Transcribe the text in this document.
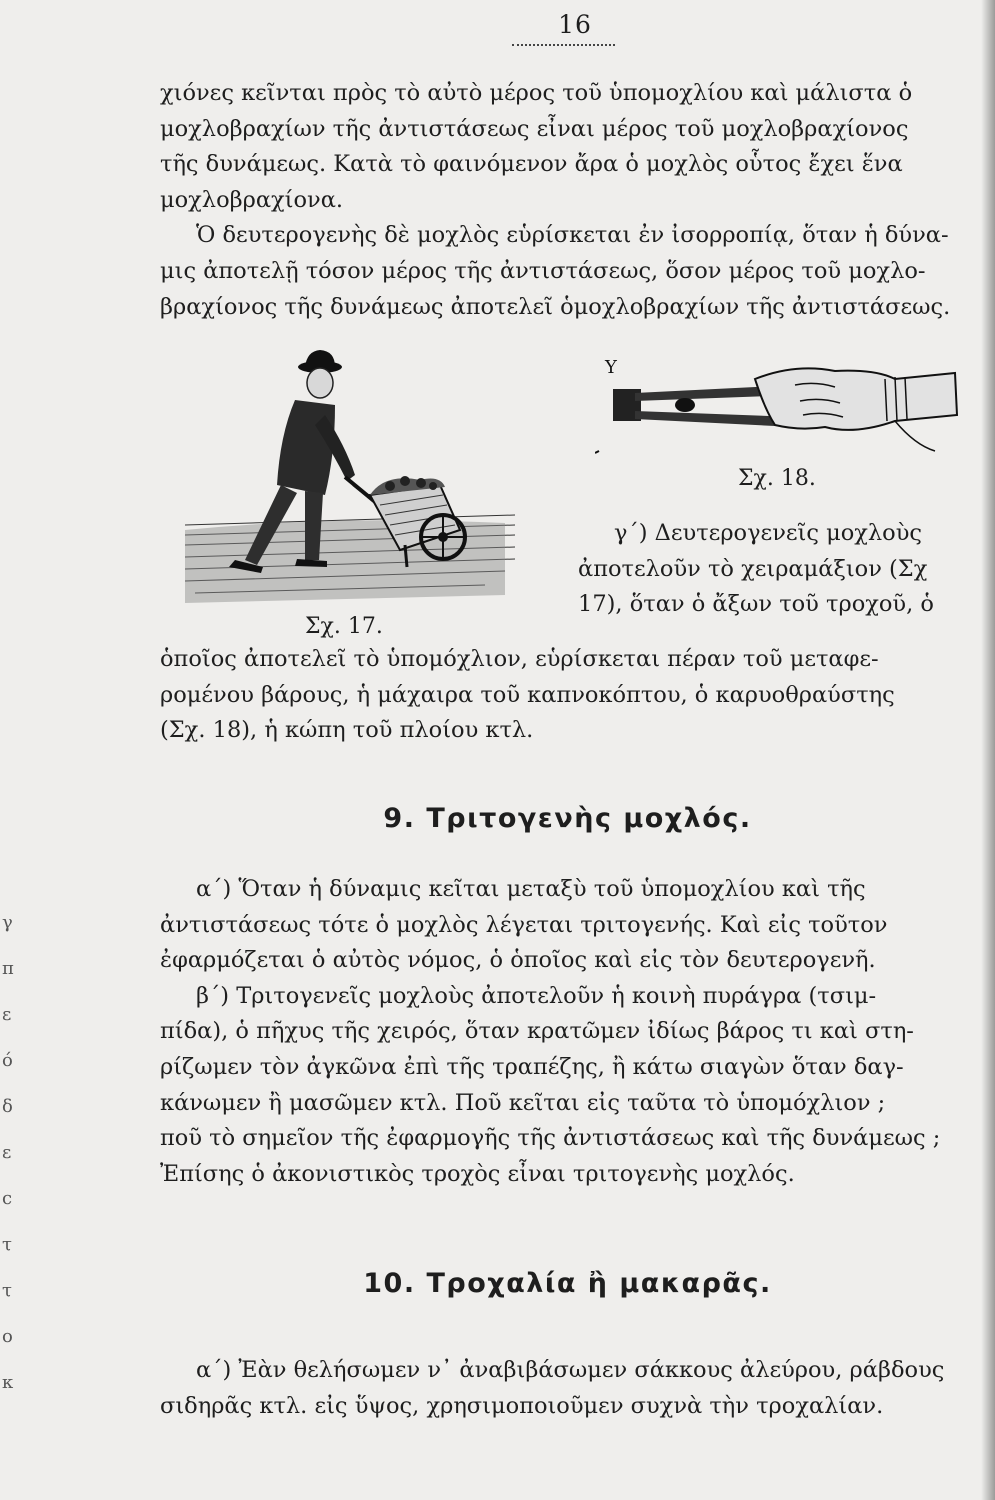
16

χιόνες κεῖνται πρὸς τὸ αὐτὸ μέρος τοῦ ὑπομοχλίου καὶ μάλιστα ὁ

μοχλοβραχίων τῆς ἀντιστάσεως εἶναι μέρος τοῦ μοχλοβραχίονος

τῆς δυνάμεως. Κατὰ τὸ φαινόμενον ἄρα ὁ μοχλὸς οὗτος ἔχει ἕνα

μοχλοβραχίονα.

Ὁ δευτερογενὴς δὲ μοχλὸς εὑρίσκεται ἐν ἰσορροπίᾳ, ὅταν ἡ δύνα-

μις ἀποτελῇ τόσον μέρος τῆς ἀντιστάσεως, ὅσον μέρος τοῦ μοχλο-

βραχίονος τῆς δυνάμεως ἀποτελεῖ ὁμοχλοβραχίων τῆς ἀντιστάσεως.

Σχ. 17.
Υ
Σχ. 18.

γ΄) Δευτερογενεῖς μοχλοὺς

ἀποτελοῦν τὸ χειραμάξιον (Σχ

17), ὅταν ὁ ἄξων τοῦ τροχοῦ, ὁ

ὁποῖος ἀποτελεῖ τὸ ὑπομόχλιον, εὑρίσκεται πέραν τοῦ μεταφε-

ρομένου βάρους, ἡ μάχαιρα τοῦ καπνοκόπτου, ὁ καρυοθραύστης

(Σχ. 18), ἡ κώπη τοῦ πλοίου κτλ.

9. Τριτογενὴς μοχλός.

α΄) Ὅταν ἡ δύναμις κεῖται μεταξὺ τοῦ ὑπομοχλίου καὶ τῆς

ἀντιστάσεως τότε ὁ μοχλὸς λέγεται τριτογενής. Καὶ εἰς τοῦτον

ἐφαρμόζεται ὁ αὐτὸς νόμος, ὁ ὁποῖος καὶ εἰς τὸν δευτερογενῆ.

β΄) Τριτογενεῖς μοχλοὺς ἀποτελοῦν ἡ κοινὴ πυράγρα (τσιμ-

πίδα), ὁ πῆχυς τῆς χειρός, ὅταν κρατῶμεν ἰδίως βάρος τι καὶ στη-

ρίζωμεν τὸν ἀγκῶνα ἐπὶ τῆς τραπέζης, ἢ κάτω σιαγὼν ὅταν δαγ-

κάνωμεν ἢ μασῶμεν κτλ. Ποῦ κεῖται εἰς ταῦτα τὸ ὑπομόχλιον ;

ποῦ τὸ σημεῖον τῆς ἐφαρμογῆς τῆς ἀντιστάσεως καὶ τῆς δυνάμεως ;

Ἐπίσης ὁ ἀκονιστικὸς τροχὸς εἶναι τριτογενὴς μοχλός.

10. Τροχαλία ἢ μακαρᾶς.

α΄) Ἐὰν θελήσωμεν ν᾽ ἀναβιβάσωμεν σάκκους ἀλεύρου, ράβδους

σιδηρᾶς κτλ. εἰς ὕψος, χρησιμοποιοῦμεν συχνὰ τὴν τροχαλίαν.

γ
π
ε
ό
δ
ε
c
τ
τ
ο
κ
